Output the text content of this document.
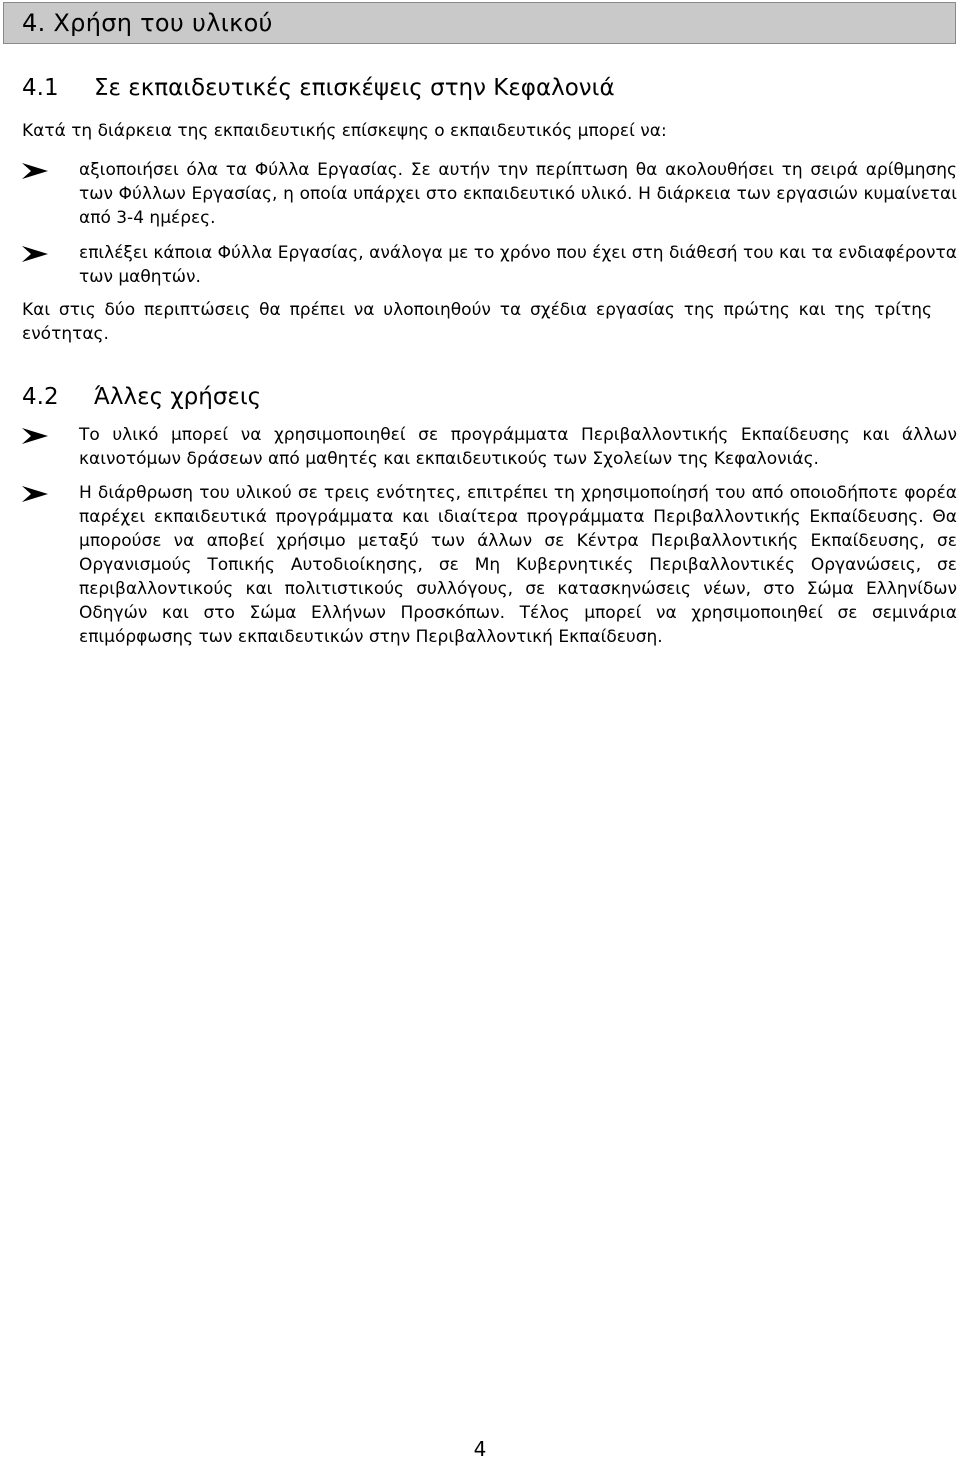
4. Χρήση του υλικού
4.1 Σε εκπαιδευτικές επισκέψεις στην Κεφαλονιά
Κατά τη διάρκεια της εκπαιδευτικής επίσκεψης ο εκπαιδευτικός μπορεί να:
αξιοποιήσει όλα τα Φύλλα Εργασίας. Σε αυτήν την περίπτωση θα ακολουθήσει τη σειρά αρίθμησης των Φύλλων Εργασίας, η οποία υπάρχει στο εκπαιδευτικό υλικό. Η διάρκεια των εργασιών κυμαίνεται από 3-4 ημέρες.
επιλέξει κάποια Φύλλα Εργασίας, ανάλογα με το χρόνο που έχει στη διάθεσή του και τα ενδιαφέροντα των μαθητών.
Και στις δύο περιπτώσεις θα πρέπει να υλοποιηθούν τα σχέδια εργασίας της πρώτης και της τρίτης ενότητας.
4.2 Άλλες χρήσεις
Το υλικό μπορεί να χρησιμοποιηθεί σε προγράμματα Περιβαλλοντικής Εκπαίδευσης και άλλων καινοτόμων δράσεων από μαθητές και εκπαιδευτικούς των Σχολείων της Κεφαλονιάς.
Η διάρθρωση του υλικού σε τρεις ενότητες, επιτρέπει τη χρησιμοποίησή του από οποιοδήποτε φορέα παρέχει εκπαιδευτικά προγράμματα και ιδιαίτερα προγράμματα Περιβαλλοντικής Εκπαίδευσης. Θα μπορούσε να αποβεί χρήσιμο μεταξύ των άλλων σε Κέντρα Περιβαλλοντικής Εκπαίδευσης, σε Οργανισμούς Τοπικής Αυτοδιοίκησης, σε Μη Κυβερνητικές Περιβαλλοντικές Οργανώσεις, σε περιβαλλοντικούς και πολιτιστικούς συλλόγους, σε κατασκηνώσεις νέων, στο Σώμα Ελληνίδων Οδηγών και στο Σώμα Ελλήνων Προσκόπων. Τέλος μπορεί να χρησιμοποιηθεί σε σεμινάρια επιμόρφωσης των εκπαιδευτικών στην Περιβαλλοντική Εκπαίδευση.
4
